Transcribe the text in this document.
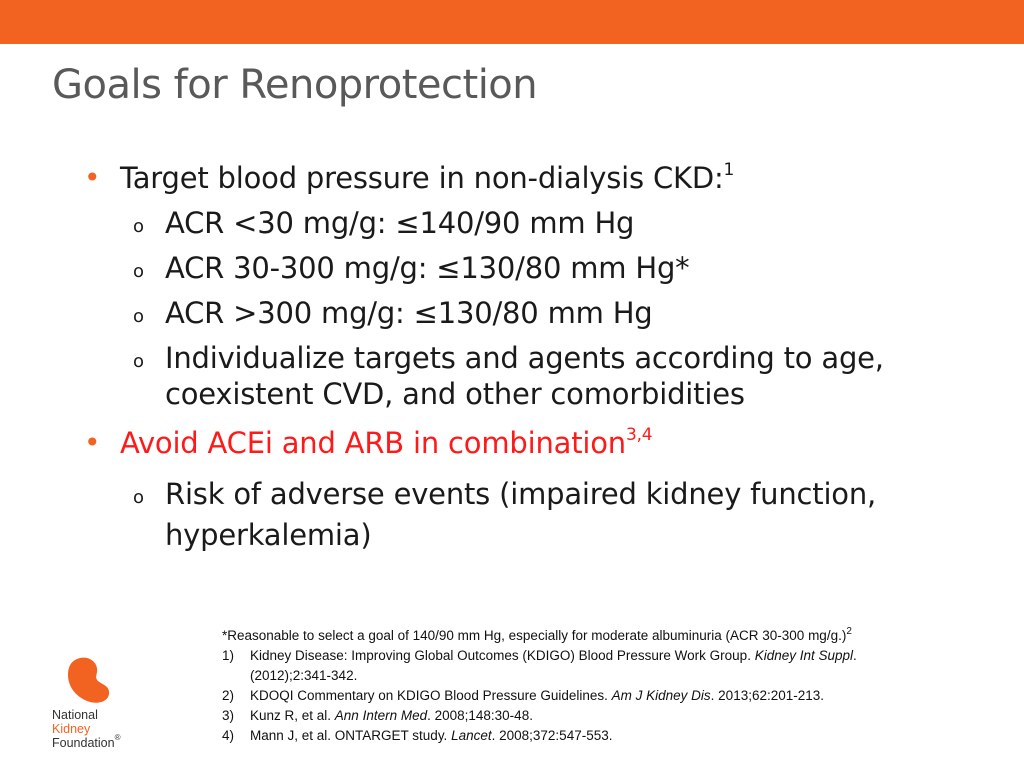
Goals for Renoprotection
• Target blood pressure in non-dialysis CKD:$^1$
o ACR <30 mg/g: ≤140/90 mm Hg
o ACR 30-300 mg/g: ≤130/80 mm Hg*
o ACR >300 mg/g: ≤130/80 mm Hg
o Individualize targets and agents according to age,
coexistent CVD, and other comorbidities
• Avoid ACEi and ARB in combination$^{3,4}$
o Risk of adverse events (impaired kidney function,
hyperkalemia)
*Reasonable to select a goal of 140/90 mm Hg, especially for moderate albuminuria (ACR 30-300 mg/g.)$^2$
1) Kidney Disease: Improving Global Outcomes (KDIGO) Blood Pressure Work Group. Kidney Int Suppl.
(2012);2:341-342.
2) KDOQI Commentary on KDIGO Blood Pressure Guidelines. Am J Kidney Dis. 2013;62:201-213.
3) Kunz R, et al. Ann Intern Med. 2008;148:30-48.
4) Mann J, et al. ONTARGET study. Lancet. 2008;372:547-553.
National
Kidney
Foundation®
